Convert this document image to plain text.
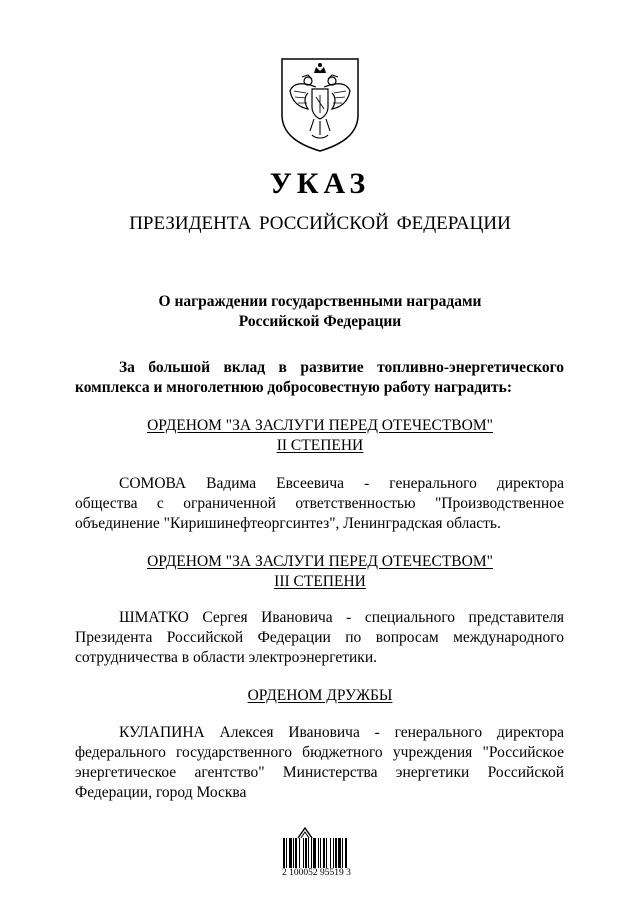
УКАЗ
ПРЕЗИДЕНТА РОССИЙСКОЙ ФЕДЕРАЦИИ
О награждении государственными наградами
Российской Федерации
За большой вклад в развитие топливно-энергетического
комплекса и многолетнюю добросовестную работу наградить:
ОРДЕНОМ "ЗА ЗАСЛУГИ ПЕРЕД ОТЕЧЕСТВОМ"
II СТЕПЕНИ
СОМОВА Вадима Евсеевича - генерального директора
общества с ограниченной ответственностью "Производственное
объединение "Киришинефтеоргсинтез", Ленинградская область.
ОРДЕНОМ "ЗА ЗАСЛУГИ ПЕРЕД ОТЕЧЕСТВОМ"
III СТЕПЕНИ
ШМАТКО Сергея Ивановича - специального представителя
Президента Российской Федерации по вопросам международного
сотрудничества в области электроэнергетики.
ОРДЕНОМ ДРУЖБЫ
КУЛАПИНА Алексея Ивановича - генерального директора
федерального государственного бюджетного учреждения "Российское
энергетическое агентство" Министерства энергетики Российской
Федерации, город Москва
2 100052 95519 3
